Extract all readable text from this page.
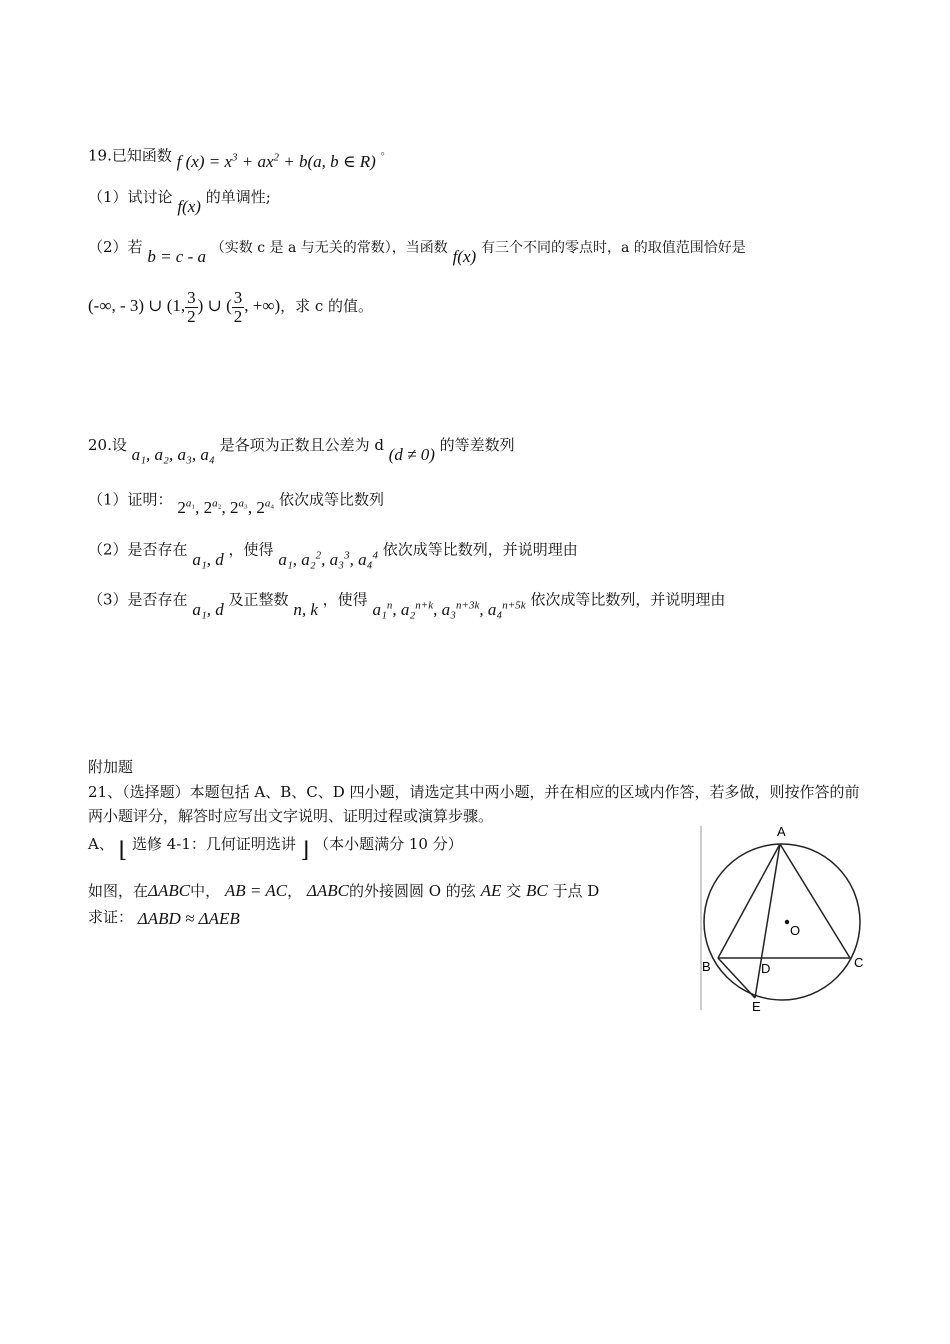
19.已知函数 f $(x) = x^3 + ax^2 + b(a$, b ∈ R) 。
（1）试讨论 f(x) 的单调性;
（2）若 b = c - a （实数 c 是 a 与无关的常数），当函数 f(x) 有三个不同的零点时，a 的取值范围恰好是
(-∞, - 3) ∪ (1, $\frac{3}{2}$ ) ∪ ( $\frac{3}{2}$ , +∞)，求 c 的值。
20.设 a₁, a₂, a₃, a₄ 是各项为正数且公差为 d (d ≠ 0) 的等差数列
（1）证明： $2^{a_1}$, $2^{a_2}$, $2^{a_3}$, $2^{a_4}$ 依次成等比数列
（2）是否存在 a₁, d ，使得 a₁, a₂$^2$, a₃$^3$, a₄$^4$ 依次成等比数列，并说明理由
（3）是否存在 a₁, d 及正整数 n, k ，使得 a₁$^n$, a₂$^{n+k}$, a₃$^{n+3k}$, a₄$^{n+5k}$ 依次成等比数列，并说明理由
附加题
21、（选择题）本题包括 A、B、C、D 四小题，请选定其中两小题，并在相应的区域内作答，若多做，则按作答的前两小题评分，解答时应写出文字说明、证明过程或演算步骤。
A、 ⌊ 选修 4-1：几何证明选讲 ⌋ （本小题满分 10 分）
如图，在ΔABC中， AB = AC， ΔABC的外接圆圆 O 的弦 AE 交 BC 于点 D
求证： ΔABD ≈ ΔAEB
A
B	C
D
E
O
